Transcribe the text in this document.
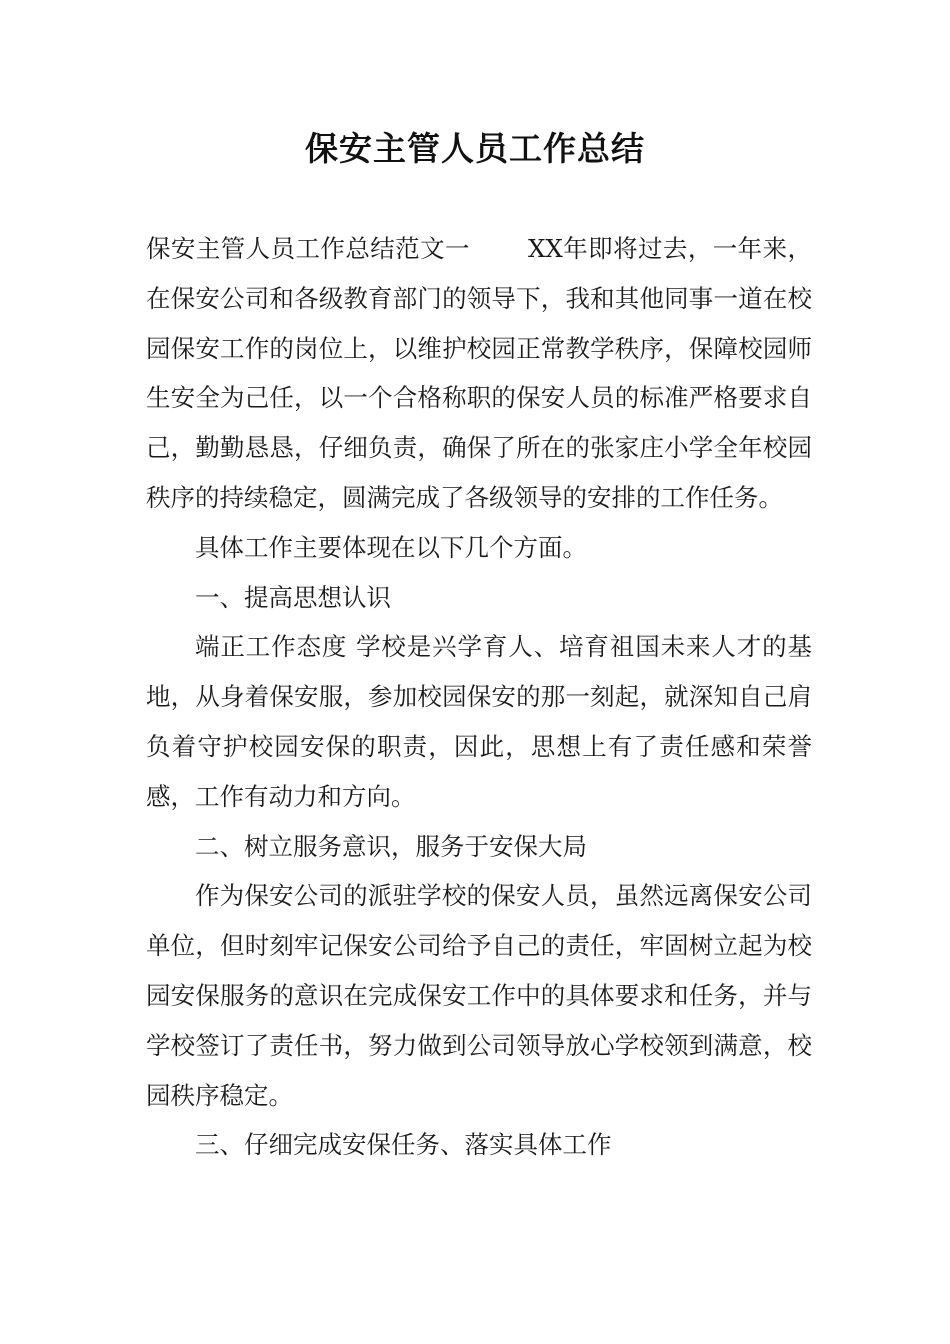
保安主管人员工作总结

保安主管人员工作总结范文一 XX年即将过去，一年来，在保安公司和各级教育部门的领导下，我和其他同事一道在校园保安工作的岗位上，以维护校园正常教学秩序，保障校园师生安全为己任，以一个合格称职的保安人员的标准严格要求自己，勤勤恳恳，仔细负责，确保了所在的张家庄小学全年校园秩序的持续稳定，圆满完成了各级领导的安排的工作任务。

具体工作主要体现在以下几个方面。

一、提高思想认识

端正工作态度 学校是兴学育人、培育祖国未来人才的基地，从身着保安服，参加校园保安的那一刻起，就深知自己肩负着守护校园安保的职责，因此，思想上有了责任感和荣誉感，工作有动力和方向。

二、树立服务意识，服务于安保大局

作为保安公司的派驻学校的保安人员，虽然远离保安公司单位，但时刻牢记保安公司给予自己的责任，牢固树立起为校园安保服务的意识在完成保安工作中的具体要求和任务，并与学校签订了责任书，努力做到公司领导放心学校领到满意，校园秩序稳定。

三、仔细完成安保任务、落实具体工作
